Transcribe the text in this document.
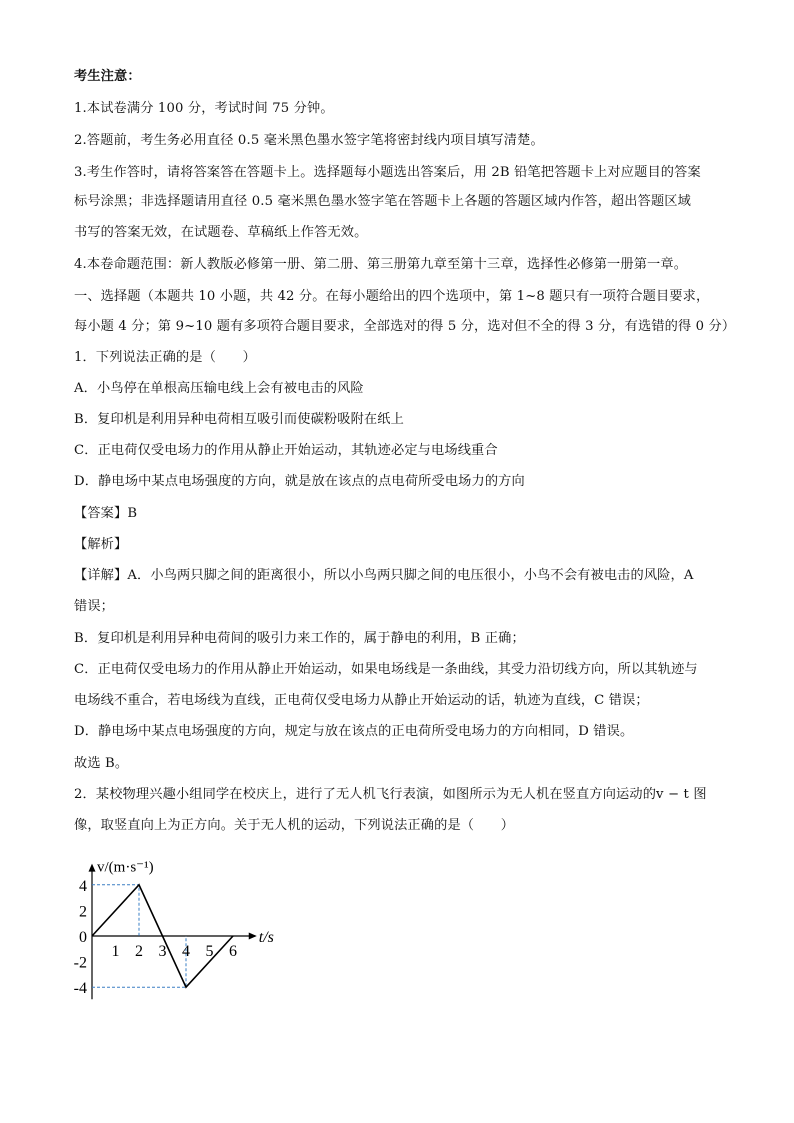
考生注意：
1.本试卷满分 100 分，考试时间 75 分钟。
2.答题前，考生务必用直径 0.5 毫米黑色墨水签字笔将密封线内项目填写清楚。
3.考生作答时，请将答案答在答题卡上。选择题每小题选出答案后，用 2B 铅笔把答题卡上对应题目的答案
标号涂黑；非选择题请用直径 0.5 毫米黑色墨水签字笔在答题卡上各题的答题区域内作答，超出答题区域
书写的答案无效，在试题卷、草稿纸上作答无效。
4.本卷命题范围：新人教版必修第一册、第二册、第三册第九章至第十三章，选择性必修第一册第一章。
一、选择题（本题共 10 小题，共 42 分。在每小题给出的四个选项中，第 1~8 题只有一项符合题目要求，
每小题 4 分；第 9~10 题有多项符合题目要求，全部选对的得 5 分，选对但不全的得 3 分，有选错的得 0 分）
1．下列说法正确的是（　　）
A．小鸟停在单根高压输电线上会有被电击的风险
B．复印机是利用异种电荷相互吸引而使碳粉吸附在纸上
C．正电荷仅受电场力的作用从静止开始运动，其轨迹必定与电场线重合
D．静电场中某点电场强度的方向，就是放在该点的点电荷所受电场力的方向
【答案】B
【解析】
【详解】A．小鸟两只脚之间的距离很小，所以小鸟两只脚之间的电压很小，小鸟不会有被电击的风险，A
错误；
B．复印机是利用异种电荷间的吸引力来工作的，属于静电的利用，B 正确；
C．正电荷仅受电场力的作用从静止开始运动，如果电场线是一条曲线，其受力沿切线方向，所以其轨迹与
电场线不重合，若电场线为直线，正电荷仅受电场力从静止开始运动的话，轨迹为直线，C 错误；
D．静电场中某点电场强度的方向，规定与放在该点的正电荷所受电场力的方向相同，D 错误。
故选 B。
2．某校物理兴趣小组同学在校庆上，进行了无人机飞行表演，如图所示为无人机在竖直方向运动的v − t 图
像，取竖直向上为正方向。关于无人机的运动，下列说法正确的是（　　）
1 2 3 4 5 6
4
2
0
-2
-4
t/s
v/(m·s⁻¹)
